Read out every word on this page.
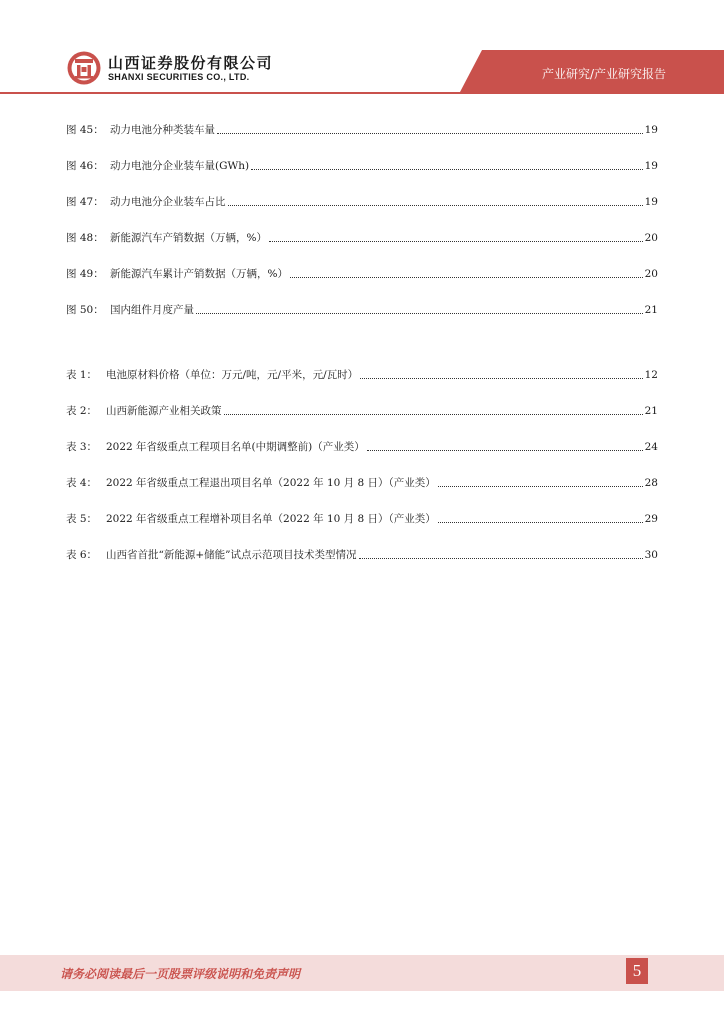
山西证券股份有限公司
SHANXI SECURITIES CO., LTD.	产业研究/产业研究报告
图 45： 动力电池分种类装车量	19
图 46： 动力电池分企业装车量(GWh)	19
图 47： 动力电池分企业装车占比	19
图 48： 新能源汽车产销数据（万辆，%）	20
图 49： 新能源汽车累计产销数据（万辆，%）	20
图 50： 国内组件月度产量	21
表 1： 电池原材料价格（单位：万元/吨，元/平米，元/瓦时）	12
表 2： 山西新能源产业相关政策	21
表 3： 2022 年省级重点工程项目名单(中期调整前)（产业类）	24
表 4： 2022 年省级重点工程退出项目名单（2022 年 10 月 8 日）（产业类）	28
表 5： 2022 年省级重点工程增补项目名单（2022 年 10 月 8 日）（产业类）	29
表 6： 山西省首批“新能源+储能”试点示范项目技术类型情况	30
请务必阅读最后一页股票评级说明和免责声明	5
